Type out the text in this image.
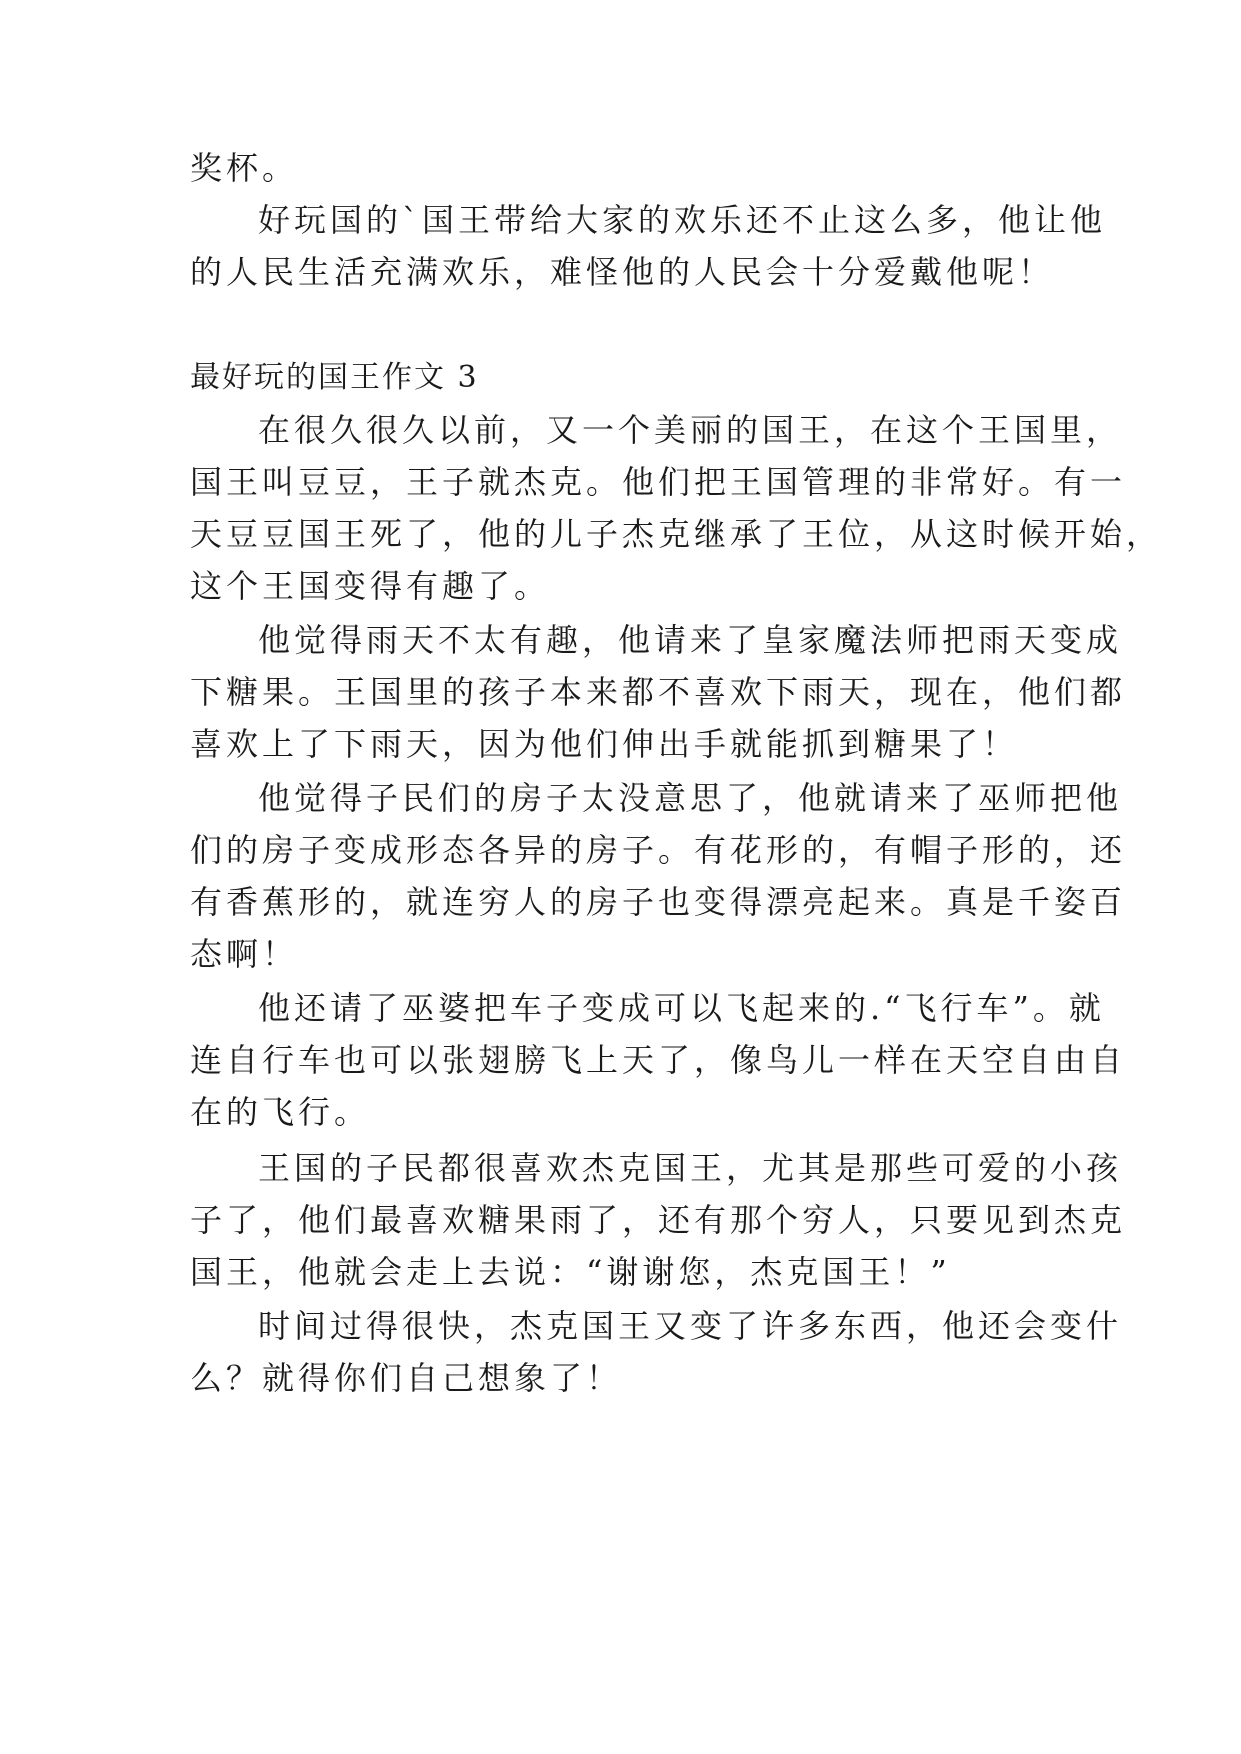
奖杯。
好玩国的`国王带给大家的欢乐还不止这么多，他让他
的人民生活充满欢乐，难怪他的人民会十分爱戴他呢！
最好玩的国王作文 3
在很久很久以前，又一个美丽的国王，在这个王国里，
国王叫豆豆，王子就杰克。他们把王国管理的非常好。有一
天豆豆国王死了，他的儿子杰克继承了王位，从这时候开始，
这个王国变得有趣了。
他觉得雨天不太有趣，他请来了皇家魔法师把雨天变成
下糖果。王国里的孩子本来都不喜欢下雨天，现在，他们都
喜欢上了下雨天，因为他们伸出手就能抓到糖果了！
他觉得子民们的房子太没意思了，他就请来了巫师把他
们的房子变成形态各异的房子。有花形的，有帽子形的，还
有香蕉形的，就连穷人的房子也变得漂亮起来。真是千姿百
态啊！
他还请了巫婆把车子变成可以飞起来的.“飞行车”。就
连自行车也可以张翅膀飞上天了，像鸟儿一样在天空自由自
在的飞行。
王国的子民都很喜欢杰克国王，尤其是那些可爱的小孩
子了，他们最喜欢糖果雨了，还有那个穷人，只要见到杰克
国王，他就会走上去说：“谢谢您，杰克国王！”
时间过得很快，杰克国王又变了许多东西，他还会变什
么？就得你们自己想象了！
